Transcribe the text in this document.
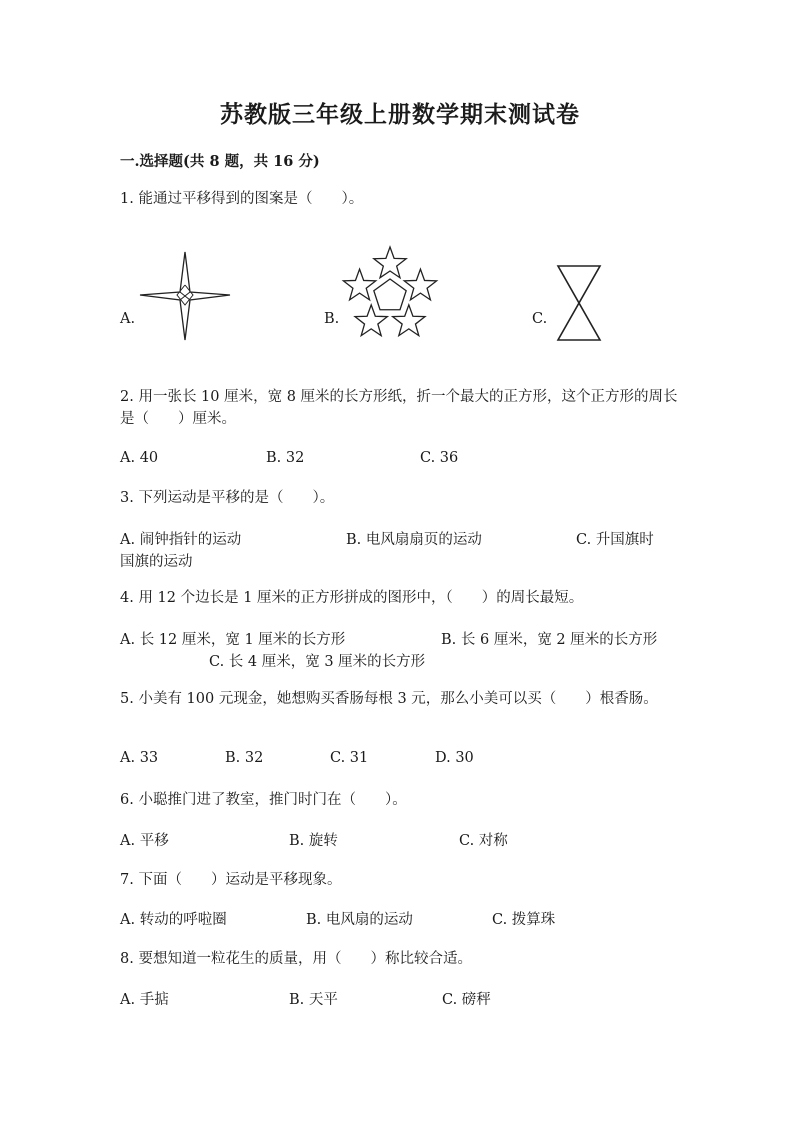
苏教版三年级上册数学期末测试卷
一.选择题(共 8 题，共 16 分)
1. 能通过平移得到的图案是（　　）。
A.	B.	C.
2. 用一张长 10 厘米，宽 8 厘米的长方形纸，折一个最大的正方形，这个正方形的周长是（　　）厘米。
A. 40	B. 32	C. 36
3. 下列运动是平移的是（　　）。
A. 闹钟指针的运动	B. 电风扇扇页的运动	C. 升国旗时
国旗的运动
4. 用 12 个边长是 1 厘米的正方形拼成的图形中，（　　）的周长最短。
A. 长 12 厘米，宽 1 厘米的长方形	B. 长 6 厘米，宽 2 厘米的长方形
C. 长 4 厘米，宽 3 厘米的长方形
5. 小美有 100 元现金，她想购买香肠每根 3 元，那么小美可以买（　　）根香肠。
A. 33	B. 32	C. 31	D. 30
6. 小聪推门进了教室，推门时门在（　　）。
A. 平移	B. 旋转	C. 对称
7. 下面（　　）运动是平移现象。
A. 转动的呼啦圈	B. 电风扇的运动	C. 拨算珠
8. 要想知道一粒花生的质量，用（　　）称比较合适。
A. 手掂	B. 天平	C. 磅秤
